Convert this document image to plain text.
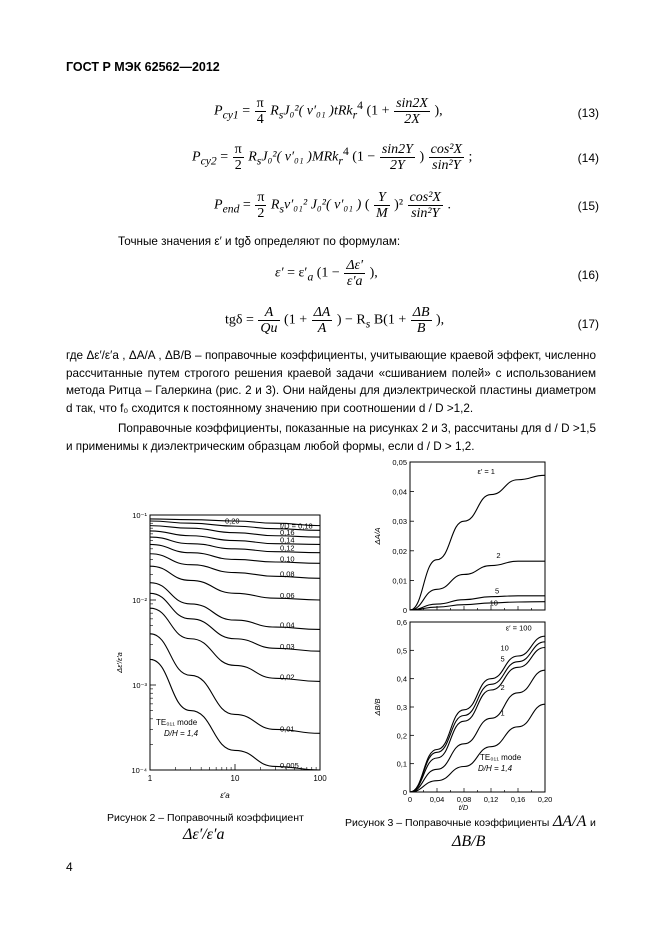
ГОСТ Р МЭК 62562—2012
$P_{cy1} = \frac{\pi}{4} R_sJ_0^2$( ν′₀₁ )tRk$_r^4$ ($1 + \frac{\sin 2X}{2X}$ ),	(13)
$P_{cy2} = \frac{\pi}{2} R_sJ_0^2$( ν′₀₁ )MRk$_r^4$ ($1 - \frac{\sin 2Y}{2Y}$ ) $\frac{\text{cos²X}}{\text{sin²Y}}$ ;	(14)
$P_{end} = \frac{\pi}{2} R_s\nu'_{01}^2$ J₀²( ν′₀₁ ) ( $\frac{Y}{M} )^2 \frac{\text{cos²X}}{\text{sin²Y}}$ .	(15)
Точные значения ε′ и tgδ определяют по формулам:
$\varepsilon' = \varepsilon'_a$ ($1 - \frac{\Delta\varepsilon'}{\varepsilon'a}$ ),	(16)
$tg\delta = \frac{A}{Qu} (1 + \frac{\Delta A}{A}$ ) − $R_s$ $B(1 + \frac{\Delta B}{B}$ ),	(17)
где Δε′/ε′a , ΔA/A , ΔB/B – поправочные коэффициенты, учитывающие краевой эффект, численно рассчитанные путем строгого решения краевой задачи «сшиванием полей» с использованием метода Ритца – Галеркина (рис. 2 и 3). Они найдены для диэлектрической пластины диаметром d так, что f₀ сходится к постоянному значению при соотношении d / D >1,2.
Поправочные коэффициенты, показанные на рисунках 2 и 3, рассчитаны для d / D >1,5 и применимы к диэлектрическим образцам любой формы, если d / D > 1,2.
1	10	100
10⁻¹
10⁻²
10⁻³
10⁻⁴
ε′a
Δε′/ε′a
0,20
t/D = 0,18
0,16
0,14
0,12
0,10
0,08
0,06
0,04
0,03
0,02
0,01
0,005
TE₀₁₁ mode
D/H = 1,4
Рисунок 2 – Поправочный коэффициент
Δε′/ε′a
0
0,01
0,02
0,03
0,04
0,05
ΔA/A
ε′ = 1
2
5
10
0
0,1
0,2
0,3
0,4
0,5
0,6
0 0,04 0,08 0,12 0,16 0,20
t/D
ΔB/B
ε′ = 100
10
5
2
1
TE₀₁₁ mode
D/H = 1,4
Рисунок 3 – Поправочные коэффициенты ΔA/A и
ΔB/B
4
